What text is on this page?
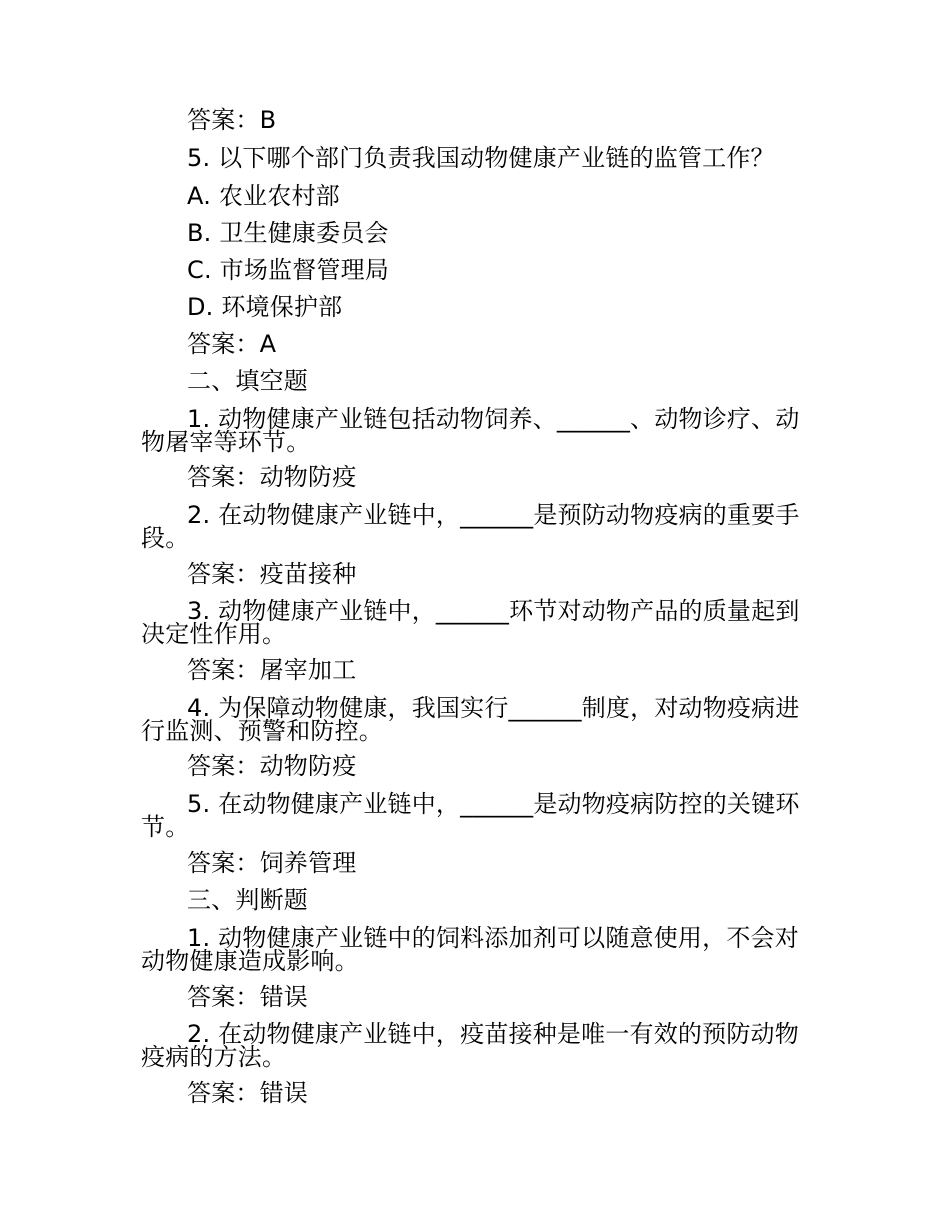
答案：B
5. 以下哪个部门负责我国动物健康产业链的监管工作？
A. 农业农村部
B. 卫生健康委员会
C. 市场监督管理局
D. 环境保护部
答案：A
二、填空题
1. 动物健康产业链包括动物饲养、______、动物诊疗、动
物屠宰等环节。
答案：动物防疫
2. 在动物健康产业链中，______是预防动物疫病的重要手
段。
答案：疫苗接种
3. 动物健康产业链中，______环节对动物产品的质量起到
决定性作用。
答案：屠宰加工
4. 为保障动物健康，我国实行______制度，对动物疫病进
行监测、预警和防控。
答案：动物防疫
5. 在动物健康产业链中，______是动物疫病防控的关键环
节。
答案：饲养管理
三、判断题
1. 动物健康产业链中的饲料添加剂可以随意使用，不会对
动物健康造成影响。
答案：错误
2. 在动物健康产业链中，疫苗接种是唯一有效的预防动物
疫病的方法。
答案：错误
